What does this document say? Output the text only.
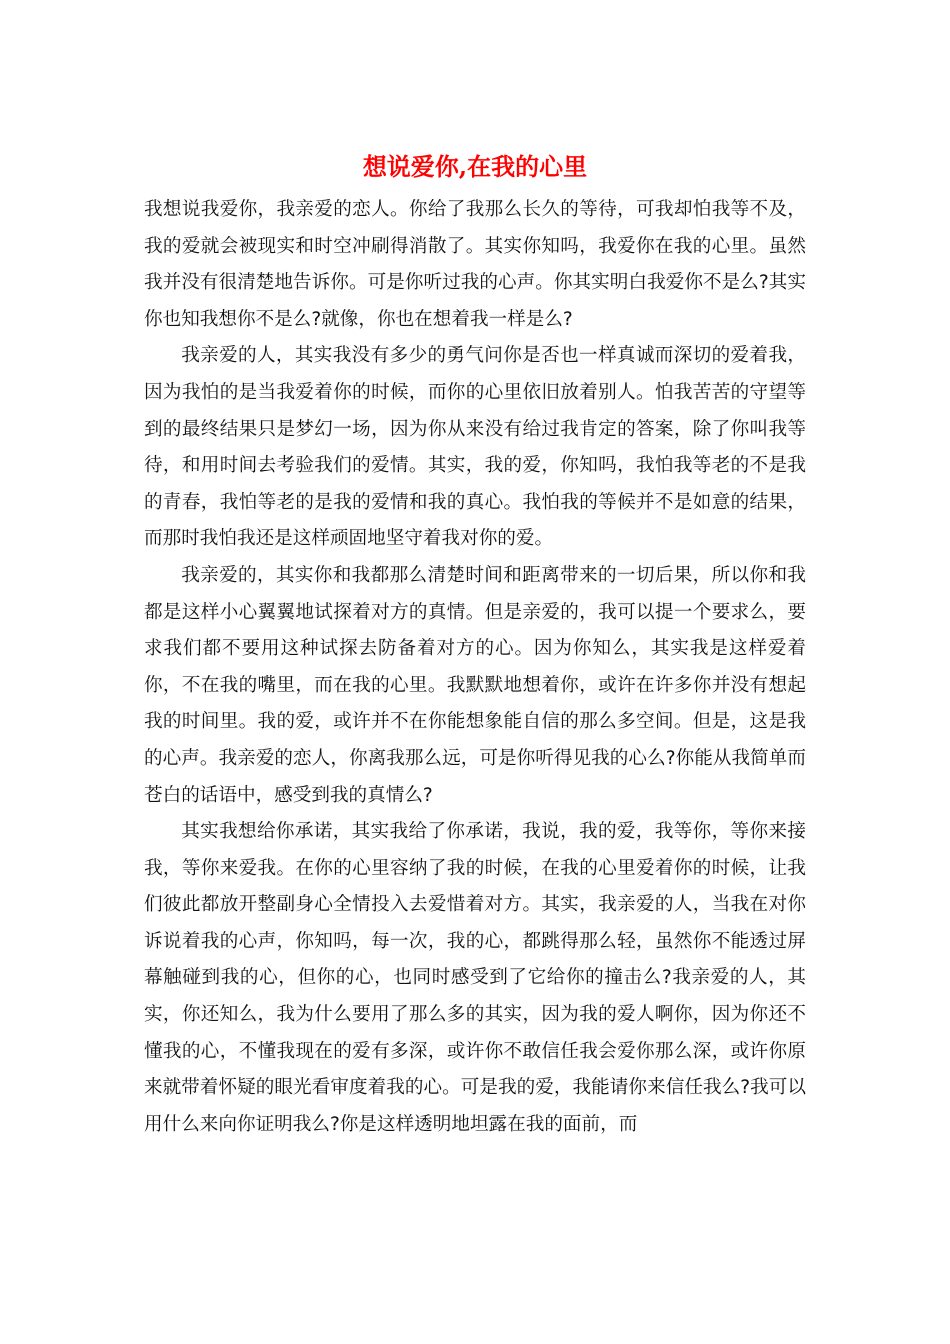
想说爱你,在我的心里

我想说我爱你，我亲爱的恋人。你给了我那么长久的等待，可我却怕我等不及，我的爱就会被现实和时空冲刷得消散了。其实你知吗，我爱你在我的心里。虽然我并没有很清楚地告诉你。可是你听过我的心声。你其实明白我爱你不是么?其实你也知我想你不是么?就像，你也在想着我一样是么?

我亲爱的人，其实我没有多少的勇气问你是否也一样真诚而深切的爱着我，因为我怕的是当我爱着你的时候，而你的心里依旧放着别人。怕我苦苦的守望等到的最终结果只是梦幻一场，因为你从来没有给过我肯定的答案，除了你叫我等待，和用时间去考验我们的爱情。其实，我的爱，你知吗，我怕我等老的不是我的青春，我怕等老的是我的爱情和我的真心。我怕我的等候并不是如意的结果，而那时我怕我还是这样顽固地坚守着我对你的爱。

我亲爱的，其实你和我都那么清楚时间和距离带来的一切后果，所以你和我都是这样小心翼翼地试探着对方的真情。但是亲爱的，我可以提一个要求么，要求我们都不要用这种试探去防备着对方的心。因为你知么，其实我是这样爱着你，不在我的嘴里，而在我的心里。我默默地想着你，或许在许多你并没有想起我的时间里。我的爱，或许并不在你能想象能自信的那么多空间。但是，这是我的心声。我亲爱的恋人，你离我那么远，可是你听得见我的心么?你能从我简单而苍白的话语中，感受到我的真情么?

其实我想给你承诺，其实我给了你承诺，我说，我的爱，我等你，等你来接我，等你来爱我。在你的心里容纳了我的时候，在我的心里爱着你的时候，让我们彼此都放开整副身心全情投入去爱惜着对方。其实，我亲爱的人，当我在对你诉说着我的心声，你知吗，每一次，我的心，都跳得那么轻，虽然你不能透过屏幕触碰到我的心，但你的心，也同时感受到了它给你的撞击么?我亲爱的人，其实，你还知么，我为什么要用了那么多的其实，因为我的爱人啊你，因为你还不懂我的心，不懂我现在的爱有多深，或许你不敢信任我会爱你那么深，或许你原来就带着怀疑的眼光看审度着我的心。可是我的爱，我能请你来信任我么?我可以用什么来向你证明我么?你是这样透明地坦露在我的面前，而
